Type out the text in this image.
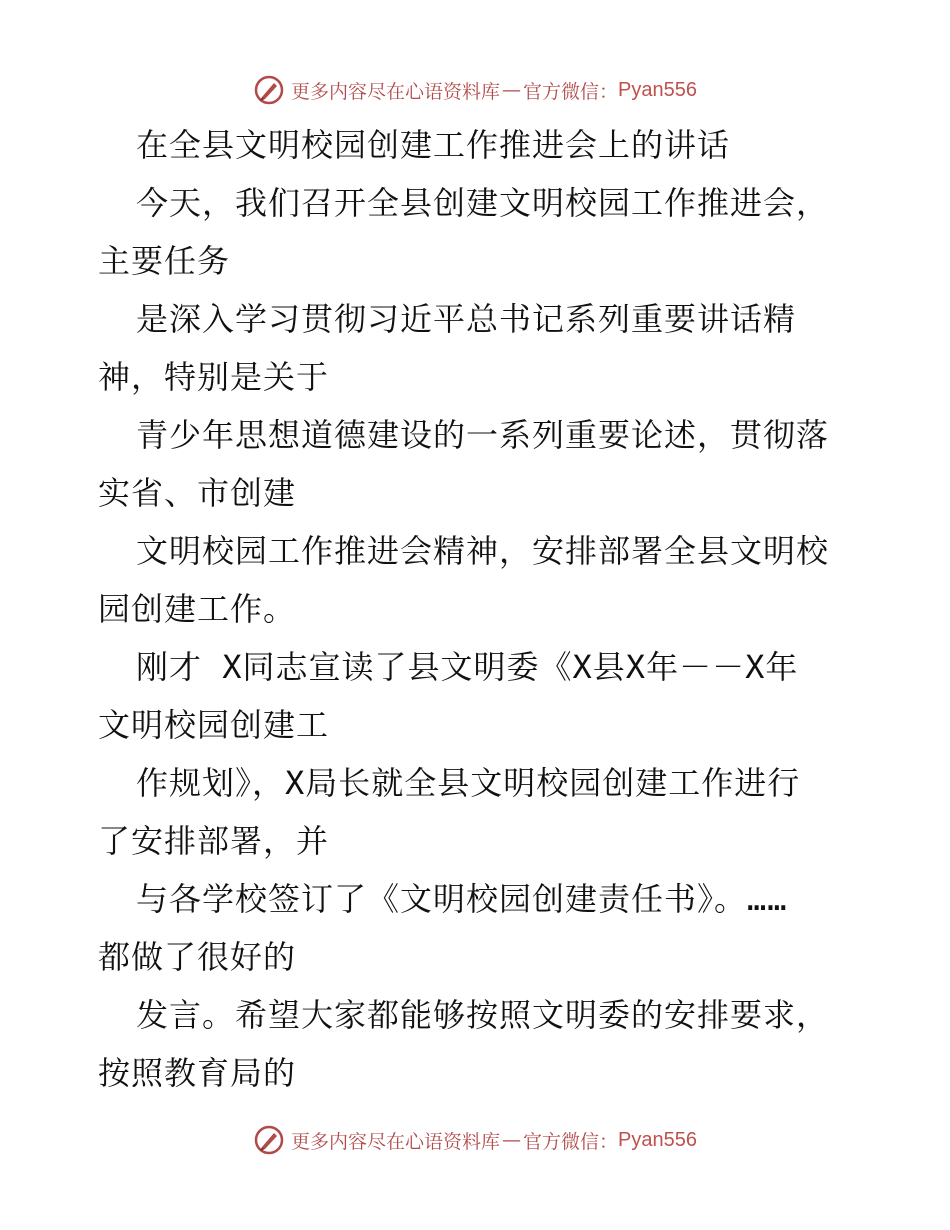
更多内容尽在心语资料库 — 官方微信： Pyan556
在全县文明校园创建工作推进会上的讲话
今天，我们召开全县创建文明校园工作推进会，
主要任务
是深入学习贯彻习近平总书记系列重要讲话精
神，特别是关于
青少年思想道德建设的一系列重要论述，贯彻落
实省、市创建
文明校园工作推进会精神，安排部署全县文明校
园创建工作。
刚才 X同志宣读了县文明委《X县X年－－X年
文明校园创建工
作规划》，X局长就全县文明校园创建工作进行
了安排部署，并
与各学校签订了《文明校园创建责任书》。……
都做了很好的
发言。希望大家都能够按照文明委的安排要求，
按照教育局的
更多内容尽在心语资料库 — 官方微信： Pyan556
